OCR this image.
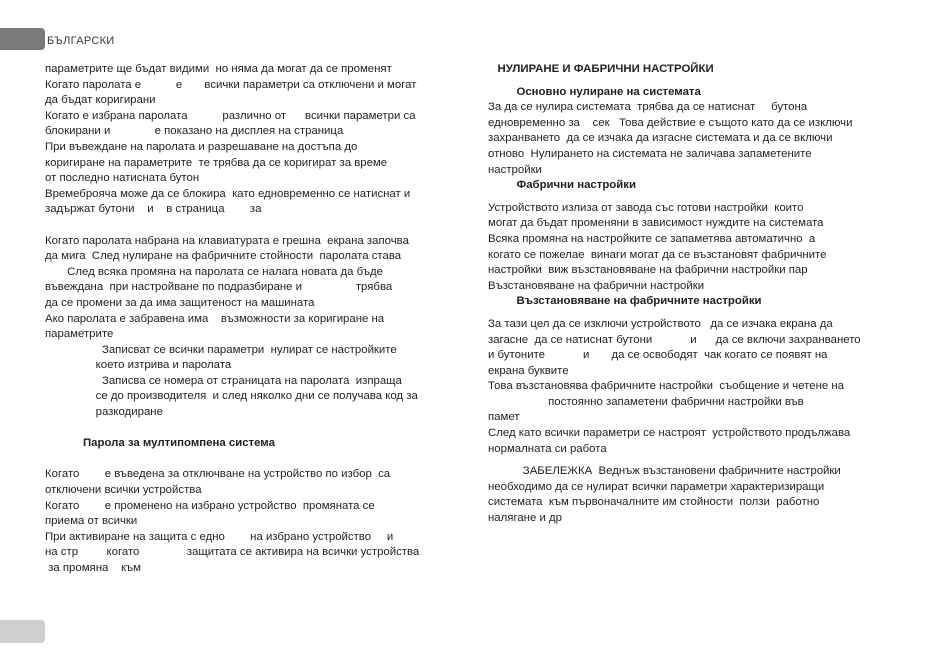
БЪЛГАРСКИ
параметрите ще бъдат видими  но няма да могат да се променят
Когато паролата е           е       всички параметри са отключени и могат
да бъдат коригирани
Когато е избрана паролата           различно от      всички параметри са
блокирани и              е показано на дисплея на страница
При въвеждане на паролата и разрешаване на достъпа до
коригиране на параметрите  те трябва да се коригират за време
от последно натисната бутон
Времеброяча може да се блокира  като едновременно се натиснат и
задържат бутони    и    в страница        за
Когато паролата набрана на клавиатурата е грешна  екрана започва
да мига  След нулиране на фабричните стойности  паролата става
След всяка промяна на паролата се налага новата да бъде
въвеждана  при настройване по подразбиране и                 трябва
да се промени за да има защитеност на машината
Ако паролата е забравена има    възможности за коригиране на
параметрите
Записват се всички параметри  нулират се настройките
което изтрива и паролата
Записва се номера от страницата на паролата  изпраща
се до производителя  и след няколко дни се получава код за
разкодиране
Парола за мултипомпена система
Когато        е въведена за отключване на устройство по избор  са
отключени всички устройства
Когато        е променено на избрано устройство  промяната се
приема от всички
При активиране на защита с едно        на избрано устройство     и
на стр         когато               защитата се активира на всички устройства
за промяна    към
НУЛИРАНЕ И ФАБРИЧНИ НАСТРОЙКИ
Основно нулиране на системата
За да се нулира системата  трябва да се натиснат     бутона
едновременно за    сек   Това действие е същото като да се изключи
захранването  да се изчака да изгасне системата и да се включи
отново  Нулирането на системата не заличава запаметените
настройки
Фабрични настройки
Устройството излиза от завода със готови настройки  които
могат да бъдат променяни в зависимост нуждите на системата
Всяка промяна на настройките се запаметява автоматично  а
когато се пожелае  винаги могат да се възстановят фабричните
настройки  виж възстановяване на фабрични настройки пар
Възстановяване на фабрични настройки
Възстановяване на фабричните настройки
За тази цел да се изключи устройството   да се изчака екрана да
загасне  да се натиснат бутони            и      да се включи захранването
и бутоните            и       да се освободят  чак когато се появят на
екрана буквите
Това възстановява фабричните настройки  съобщение и четене на
постоянно запаметени фабрични настройки във
памет
След като всички параметри се настроят  устройството продължава
нормалната си работа
ЗАБЕЛЕЖКА  Веднъж възстановени фабричните настройки
необходимо да се нулират всички параметри характеризиращи
системата  към първоначалните им стойности  ползи  работно
налягане и др
